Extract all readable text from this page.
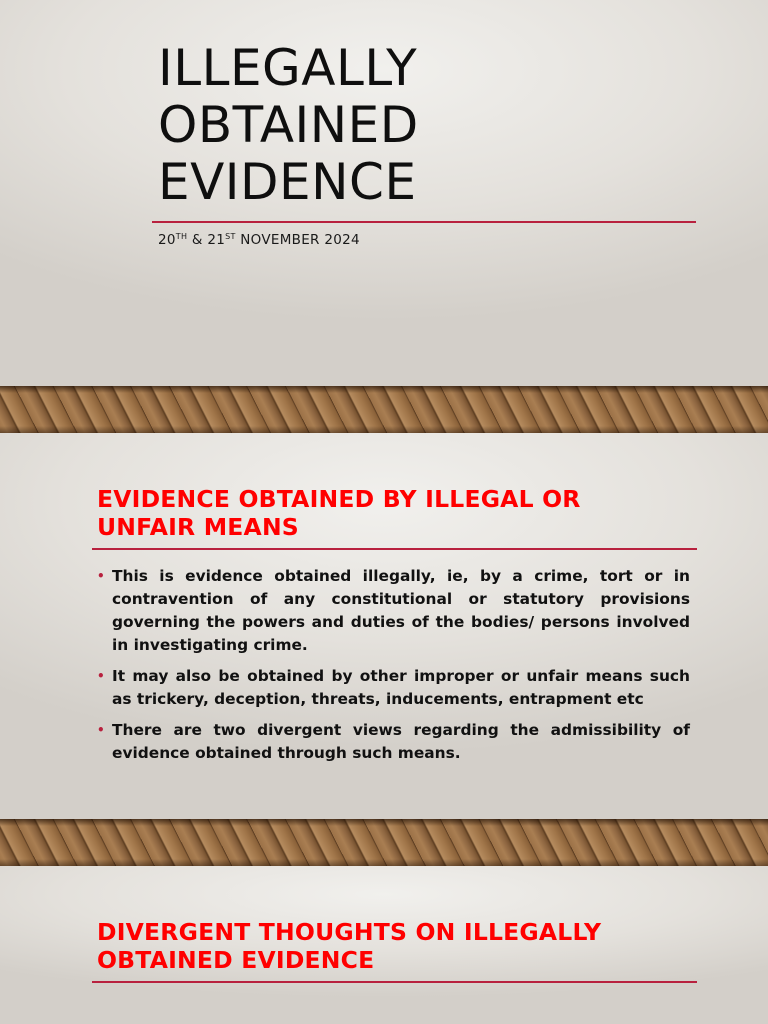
ILLEGALLY
OBTAINED
EVIDENCE
20TH & 21ST NOVEMBER 2024
EVIDENCE OBTAINED BY ILLEGAL OR
UNFAIR MEANS
• This is evidence obtained illegally, ie, by a crime, tort or in contravention of any constitutional or statutory provisions governing the powers and duties of the bodies/ persons involved in investigating crime.
• It may also be obtained by other improper or unfair means such as trickery, deception, threats, inducements, entrapment etc
• There are two divergent views regarding the admissibility of evidence obtained through such means.
DIVERGENT THOUGHTS ON ILLEGALLY
OBTAINED EVIDENCE
